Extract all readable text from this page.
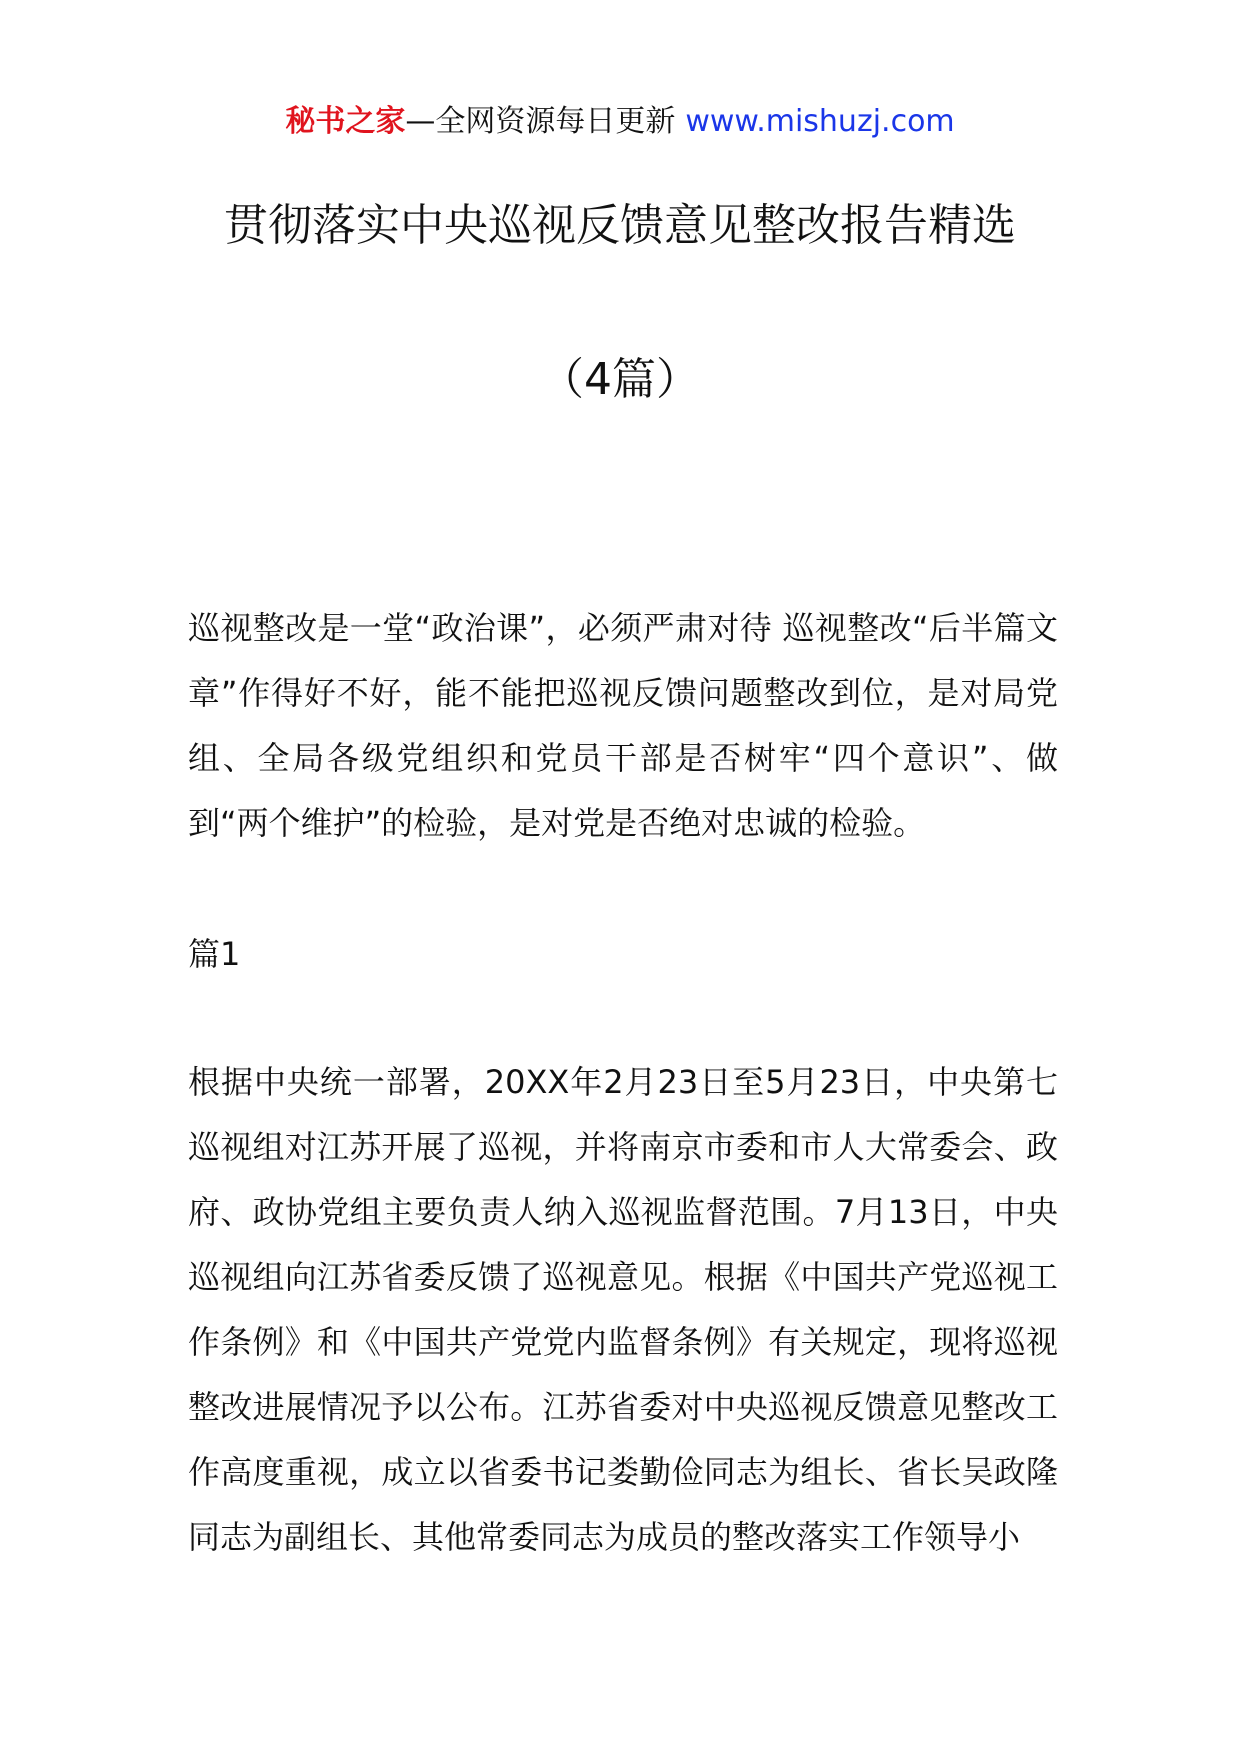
秘书之家—全网资源每日更新 www.mishuzj.com
贯彻落实中央巡视反馈意见整改报告精选
（4篇）

巡视整改是一堂“政治课”，必须严肃对待 巡视整改“后半篇文章”作得好不好，能不能把巡视反馈问题整改到位，是对局党组、全局各级党组织和党员干部是否树牢“四个意识”、做到“两个维护”的检验，是对党是否绝对忠诚的检验。

篇1

根据中央统一部署，20XX年2月23日至5月23日，中央第七巡视组对江苏开展了巡视，并将南京市委和市人大常委会、政府、政协党组主要负责人纳入巡视监督范围。7月13日，中央巡视组向江苏省委反馈了巡视意见。根据《中国共产党巡视工作条例》和《中国共产党党内监督条例》有关规定，现将巡视整改进展情况予以公布。江苏省委对中央巡视反馈意见整改工作高度重视，成立以省委书记娄勤俭同志为组长、省长吴政隆同志为副组长、其他常委同志为成员的整改落实工作领导小
